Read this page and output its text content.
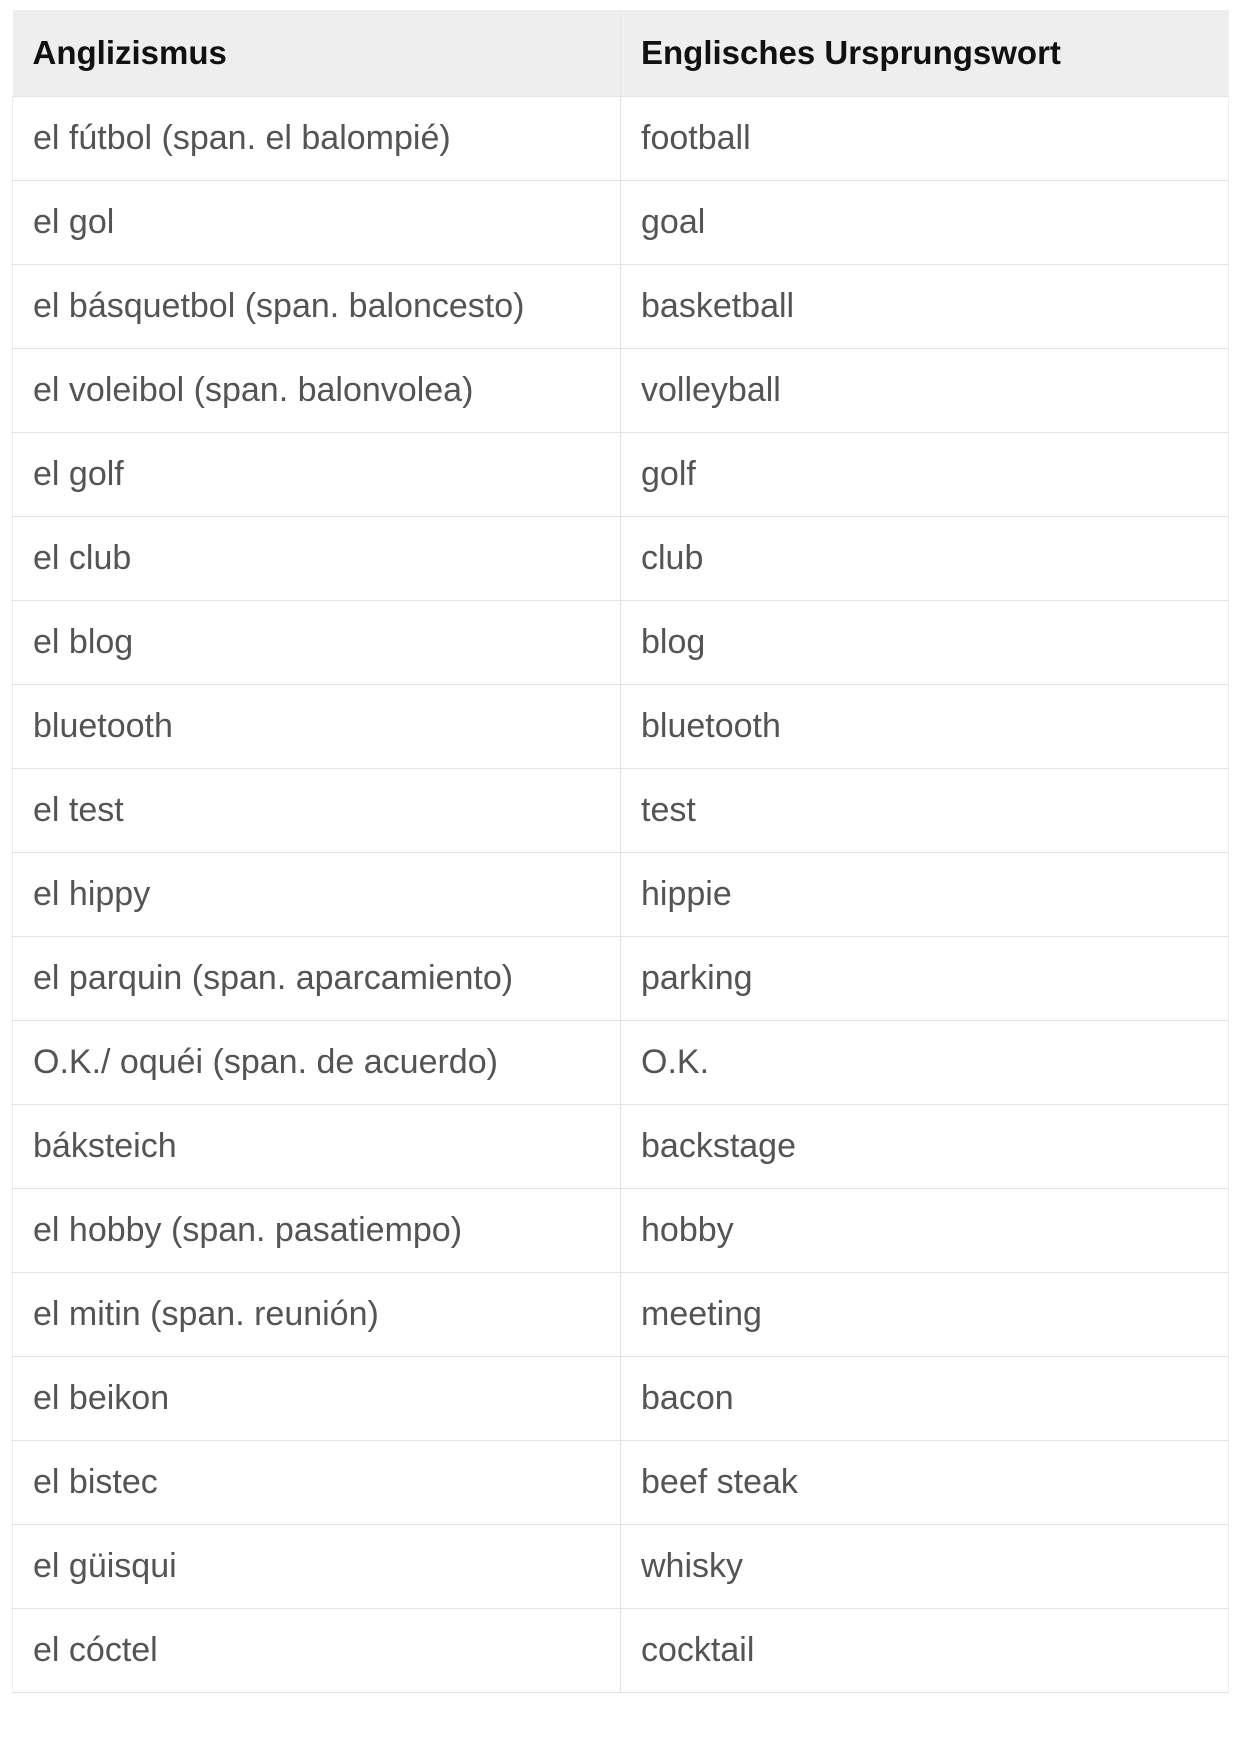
Anglizismus	Englisches Ursprungswort
el fútbol (span. el balompié)	football
el gol	goal
el básquetbol (span. baloncesto)	basketball
el voleibol (span. balonvolea)	volleyball
el golf	golf
el club	club
el blog	blog
bluetooth	bluetooth
el test	test
el hippy	hippie
el parquin (span. aparcamiento)	parking
O.K./ oquéi (span. de acuerdo)	O.K.
báksteich	backstage
el hobby (span. pasatiempo)	hobby
el mitin (span. reunión)	meeting
el beikon	bacon
el bistec	beef steak
el güisqui	whisky
el cóctel	cocktail
